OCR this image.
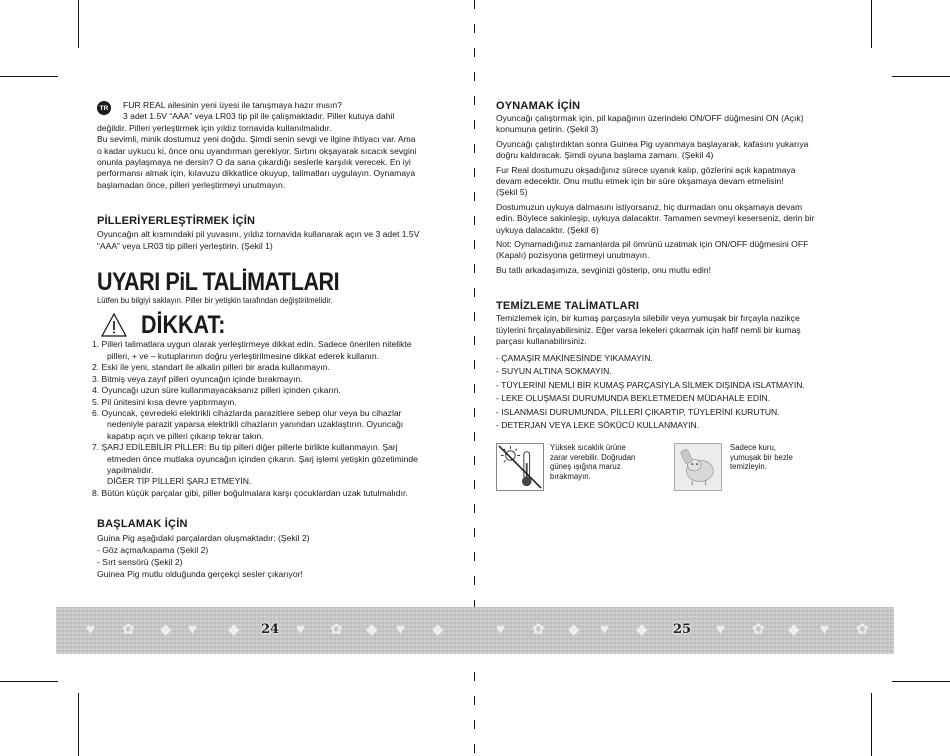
TR	FUR REAL ailesinin yeni üyesi ile tanışmaya hazır mısın?

3 adet 1.5V “AAA” veya LR03 tip pil ile çalışmaktadır. Piller kutuya dahil

değildir. Pilleri yerleştirmek için yıldız tornavida kullanılmalıdır.

Bu sevimli, minik dostumuz yeni doğdu. Şimdi senin sevgi ve ilgine ihtiyacı var. Ama

o kadar uykucu ki, önce onu uyandırman gerekiyor. Sırtını okşayarak sıcacık sevgini

onunla paylaşmaya ne dersin? O da sana çıkardığı seslerle karşılık verecek. En iyi

performansı almak için, kılavuzu dikkatlice okuyup, talimatları uygulayın. Oynamaya

başlamadan önce, pilleri yerleştirmeyi unutmayın.

PİLLERİYERLEŞTİRMEK İÇİN

Oyuncağın alt kısmındaki pil yuvasını, yıldız tornavida kullanarak açın ve 3 adet 1.5V

“AAA” veya LR03 tip pilleri yerleştirin. (Şekil 1)

UYARI PiL TALİMATLARI

Lütfen bu bilgiyi saklayın. Piller bir yetişkin tarafından değiştirilmelidir.

DİKKAT:

1. Pilleri talimatlara uygun olarak yerleştirmeye dikkat edin. Sadece önerilen nitelikte

pilleri, + ve – kutuplarının doğru yerleştirilmesine dikkat ederek kullanın.

2. Eski ile yeni, standart ile alkalin pilleri bir arada kullanmayın.

3. Bitmiş veya zayıf pilleri oyuncağın içinde bırakmayın.

4. Oyuncağı uzun süre kullanmayacaksanız pilleri içinden çıkarın.

5. Pil ünitesini kısa devre yaptırmayın.

6. Oyuncak, çevredeki elektrikli cihazlarda parazitlere sebep olur veya bu cihazlar

nedeniyle parazit yaparsa elektrikli cihazların yanından uzaklaştırın. Oyuncağı

kapatıp açın ve pilleri çıkarıp tekrar takın.

7. ŞARJ EDİLEBİLİR PİLLER: Bu tip pilleri diğer pillerle birlikte kullanmayın. Şarj

etmeden önce mutlaka oyuncağın içinden çıkarın. Şarj işlemi yetişkin gözetiminde

yapılmalıdır.

DİĞER TİP PİLLERİ ŞARJ ETMEYİN.

8. Bütün küçük parçalar gibi, piller boğulmalara karşı çocuklardan uzak tutulmalıdır.

BAŞLAMAK İÇİN

Guina Pig aşağıdaki parçalardan oluşmaktadır: (Şekil 2)

- Göz açma/kapama (Şekil 2)

- Sırt sensörü (Şekil 2)

Guinea Pig mutlu olduğunda gerçekçi sesler çıkarıyor!

OYNAMAK İÇİN

Oyuncağı çalıştırmak için, pil kapağının üzerindeki ON/OFF düğmesini ON (Açık)

konumuna getirin. (Şekil 3)

Oyuncağı çalıştırdıktan sonra Guinea Pig uyanmaya başlayarak, kafasını yukarıya

doğru kaldıracak. Şimdi oyuna başlama zamanı. (Şekil 4)

Fur Real dostumuzu okşadığınız sürece uyanık kalıp, gözlerini açık kapatmaya

devam edecektir. Onu mutlu etmek için bir süre okşamaya devam etmelisin!

(Şekil 5)

Dostumuzun uykuya dalmasını istiyorsanız, hiç durmadan onu okşamaya devam

edin. Böylece sakinleşip, uykuya dalacaktır. Tamamen sevmeyi keserseniz, derin bir

uykuya dalacaktır. (Şekil 6)

Not: Oynamadığınız zamanlarda pil ömrünü uzatmak için ON/OFF düğmesini OFF

(Kapalı) pozisyona getirmeyi unutmayın.

Bu tatlı arkadaşımıza, sevginizi gösterip, onu mutlu edin!

TEMİZLEME TALİMATLARI

Temizlemek için, bir kumaş parçasıyla silebilir veya yumuşak bir fırçayla nazikçe

tüylerini fırçalayabilirsiniz. Eğer varsa lekeleri çıkarmak için hafif nemli bir kumaş

parçası kullanabilirsiniz.

- ÇAMAŞIR MAKİNESİNDE YIKAMAYIN.

- SUYUN ALTINA SOKMAYIN.

- TÜYLERİNİ NEMLİ BİR KUMAŞ PARÇASIYLA SİLMEK DIŞINDA ISLATMAYIN.

- LEKE OLUŞMASI DURUMUNDA BEKLETMEDEN MÜDAHALE EDİN.

- ISLANMASI DURUMUNDA, PİLLERİ ÇIKARTIP, TÜYLERİNİ KURUTUN.

- DETERJAN VEYA LEKE SÖKÜCÜ KULLANMAYIN.

Yüksek sıcaklık ürüne
zarar verebilir. Doğrudan
güneş ışığına maruz
bırakmayın.
Sadece kuru,
yumuşak bir bezle
temizleyin.
♥ ✿ ◆ ♥ ◆	♥ ✿ ◆ ♥ ◆	♥ ✿ ◆ ♥ ◆	♥ ✿ ◆ ♥ ✿
24	25
